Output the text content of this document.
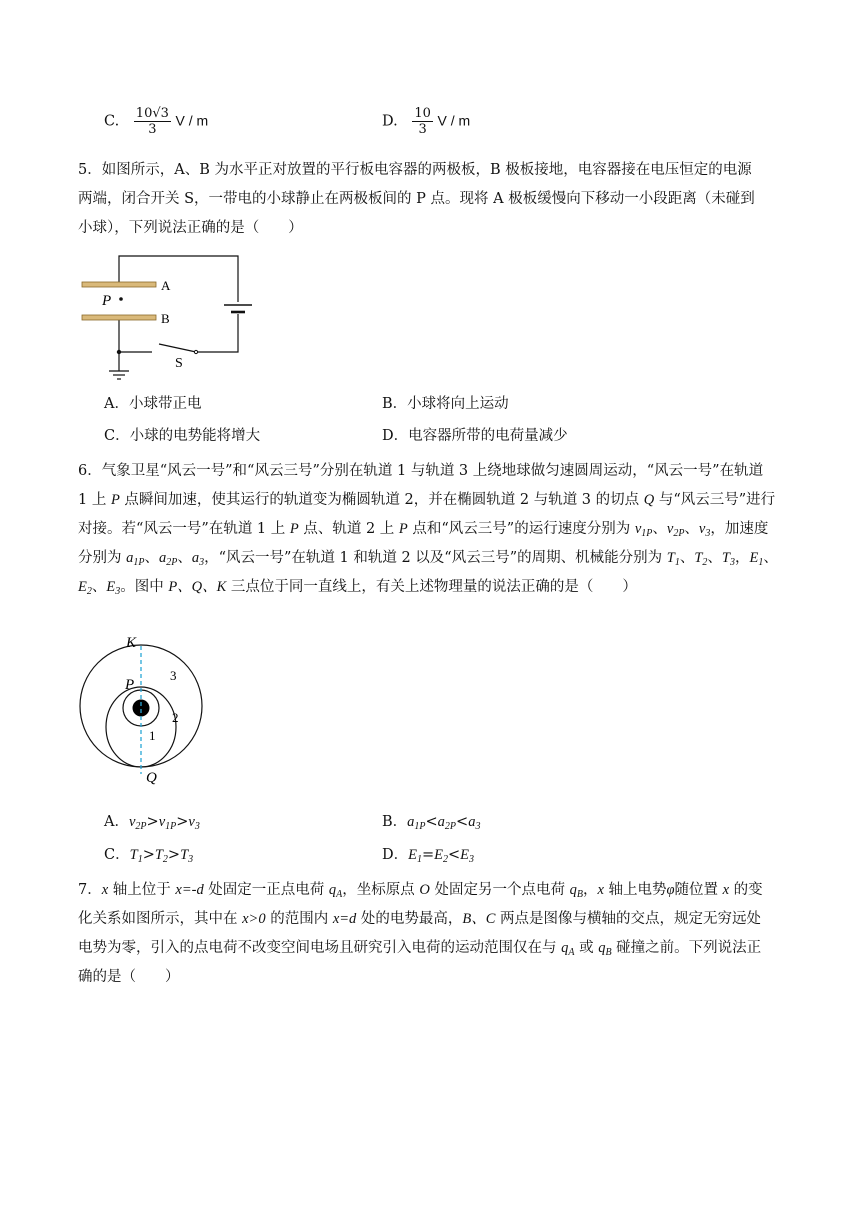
C. $\frac{10√3}{3}$ V / m	D. $\frac{10}{3}$ V / m
5．如图所示，A、B 为水平正对放置的平行板电容器的两极板，B 极板接地，电容器接在电压恒定的电源
两端，闭合开关 S，一带电的小球静止在两极板间的 P 点。现将 A 极板缓慢向下移动一小段距离（未碰到
小球），下列说法正确的是（　　）
A
B
P
S
A．小球带正电	B．小球将向上运动
C．小球的电势能将增大	D．电容器所带的电荷量减少
6．气象卫星“风云一号”和“风云三号”分别在轨道 1 与轨道 3 上绕地球做匀速圆周运动，“风云一号”在轨道
1 上 P 点瞬间加速，使其运行的轨道变为椭圆轨道 2，并在椭圆轨道 2 与轨道 3 的切点 Q 与“风云三号”进行
对接。若“风云一号”在轨道 1 上 P 点、轨道 2 上 P 点和“风云三号”的运行速度分别为 $v_{1P}$、$v_{2P}$、$v_3$，加速度
分别为 $a_{1P}$、$a_{2P}$、$a_3$，“风云一号”在轨道 1 和轨道 2 以及“风云三号”的周期、机械能分别为 $T_1$、$T_2$、$T_3$，$E_1$、
$E_2$、$E_3$。图中 P、Q、K 三点位于同一直线上，有关上述物理量的说法正确的是（　　）
K
P
Q
1
2
3
A．$v_{2P}>v_{1P}>v_3$	B．$a_{1P}<a_{2P}<a_3$
C．$T_1>T_2>T_3$	D．$E_1=E_2<E_3$
7．x 轴上位于 x=-d 处固定一正点电荷 $q_A$，坐标原点 O 处固定另一个点电荷 $q_B$，x 轴上电势φ随位置 x 的变
化关系如图所示，其中在 x>0 的范围内 x=d 处的电势最高，B、C 两点是图像与横轴的交点，规定无穷远处
电势为零，引入的点电荷不改变空间电场且研究引入电荷的运动范围仅在与 $q_A$ 或 $q_B$ 碰撞之前。下列说法正
确的是（　　）
